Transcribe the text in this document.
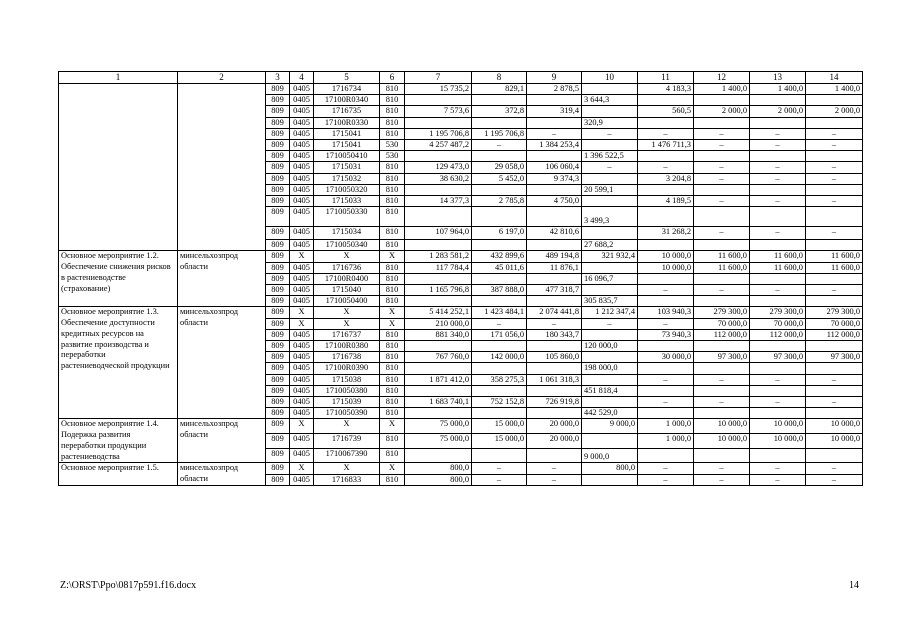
1	2	3	4	5	6	7	8	9	10	11	12	13	14
		809	0405	1716734	810	15 735,2	829,1	2 878,5		4 183,3	1 400,0	1 400,0	1 400,0
		809	0405	17100R0340	810				3 644,3				
		809	0405	1716735	810	7 573,6	372,8	319,4		560,5	2 000,0	2 000,0	2 000,0
		809	0405	17100R0330	810				320,9				
		809	0405	1715041	810	1 195 706,8	1 195 706,8	–	–	–	–	–	–
		809	0405	1715041	530	4 257 487,2	–	1 384 253,4		1 476 711,3	–	–	–
		809	0405	1710050410	530				1 396 522,5				
		809	0405	1715031	810	129 473,0	29 058,0	106 060,4	–	–	–	–	–
		809	0405	1715032	810	38 630,2	5 452,0	9 374,3		3 204,8	–	–	–
		809	0405	1710050320	810				20 599,1				
		809	0405	1715033	810	14 377,3	2 785,8	4 750,0		4 189,5	–	–	–
		809	0405	1710050330	810				3 499,3				
		809	0405	1715034	810	107 964,0	6 197,0	42 810,6		31 268,2	–	–	–
		809	0405	1710050340	810				27 688,2				
Основное мероприятие 1.2. Обеспечение снижения рисков в растениеводстве (страхование)	минсельхозпрод области	809	X	X	X	1 283 581,2	432 899,6	489 194,8	321 932,4	10 000,0	11 600,0	11 600,0	11 600,0
		809	0405	1716736	810	117 784,4	45 011,6	11 876,1		10 000,0	11 600,0	11 600,0	11 600,0
		809	0405	17100R0400	810				16 096,7				
		809	0405	1715040	810	1 165 796,8	387 888,0	477 318,7		–	–	–	–
		809	0405	1710050400	810				305 835,7				
Основное мероприятие 1.3. Обеспечение доступности кредитных ресурсов на развитие производства и переработки растениеводческой продукции	минсельхозпрод области	809	X	X	X	5 414 252,1	1 423 484,1	2 074 441,8	1 212 347,4	103 940,3	279 300,0	279 300,0	279 300,0
		809	X	X	X	210 000,0	–	–	–	–	70 000,0	70 000,0	70 000,0
		809	0405	1716737	810	881 340,0	171 056,0	180 343,7		73 940,3	112 000,0	112 000,0	112 000,0
		809	0405	17100R0380	810				120 000,0				
		809	0405	1716738	810	767 760,0	142 000,0	105 860,0		30 000,0	97 300,0	97 300,0	97 300,0
		809	0405	17100R0390	810				198 000,0				
		809	0405	1715038	810	1 871 412,0	358 275,3	1 061 318,3		–	–	–	–
		809	0405	1710050380	810				451 818,4				
		809	0405	1715039	810	1 683 740,1	752 152,8	726 919,8		–	–	–	–
		809	0405	1710050390	810				442 529,0				
Основное мероприятие 1.4. Подержка развития переработки продукции растениеводства	минсельхозпрод области	809	X	X	X	75 000,0	15 000,0	20 000,0	9 000,0	1 000,0	10 000,0	10 000,0	10 000,0
		809	0405	1716739	810	75 000,0	15 000,0	20 000,0		1 000,0	10 000,0	10 000,0	10 000,0
		809	0405	1710067390	810				9 000,0				
Основное мероприятие 1.5.	минсельхозпрод области	809	X	X	X	800,0	–	–	800,0	–	–	–	–
		809	0405	1716833	810	800,0	–	–		–	–	–	–
Z:\ORST\Ppo\0817p591.f16.docx	14
